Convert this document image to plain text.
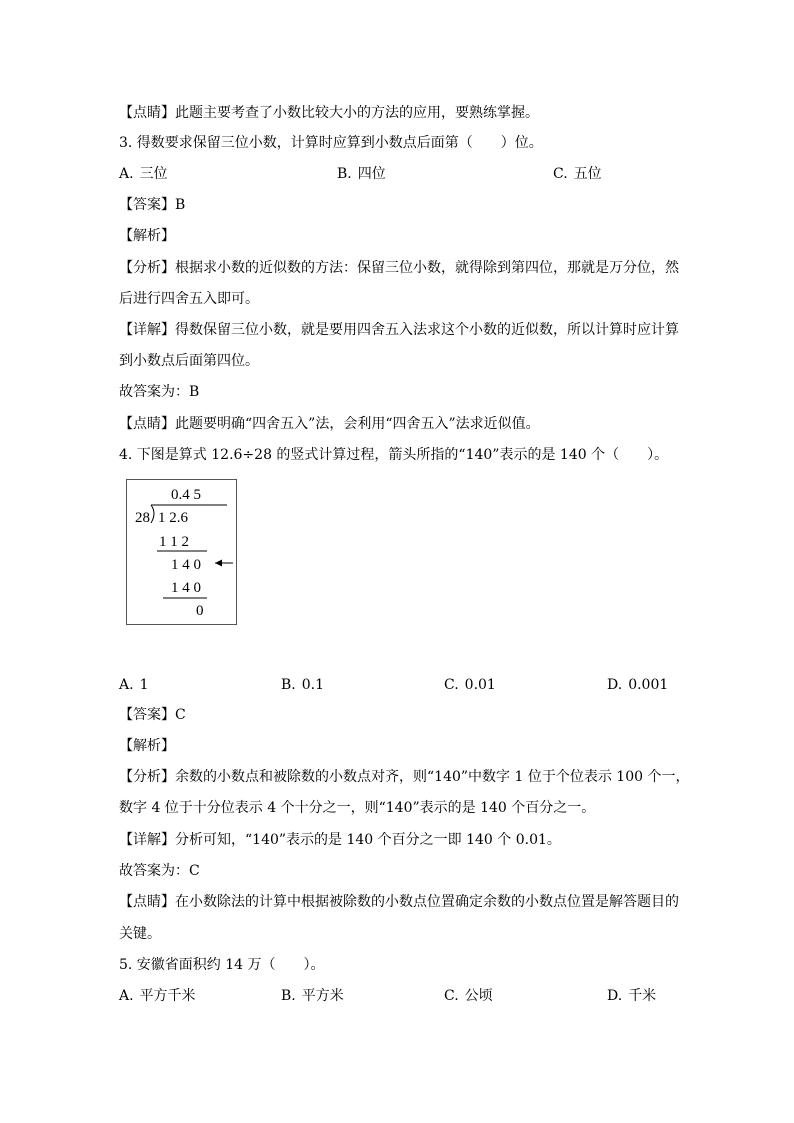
【点睛】此题主要考查了小数比较大小的方法的应用，要熟练掌握。
3. 得数要求保留三位小数，计算时应算到小数点后面第（　　）位。
A. 三位	B. 四位	C. 五位
【答案】B
【解析】
【分析】根据求小数的近似数的方法：保留三位小数，就得除到第四位，那就是万分位，然
后进行四舍五入即可。
【详解】得数保留三位小数，就是要用四舍五入法求这个小数的近似数，所以计算时应计算
到小数点后面第四位。
故答案为：B
【点睛】此题要明确“四舍五入”法，会利用“四舍五入”法求近似值。
4. 下图是算式 12.6÷28 的竖式计算过程，箭头所指的“140”表示的是 140 个（　　）。
0.4 5
28 1 2.6
1 1 2
1 4 0
1 4 0
0
A. 1	B. 0.1	C. 0.01	D. 0.001
【答案】C
【解析】
【分析】余数的小数点和被除数的小数点对齐，则“140”中数字 1 位于个位表示 100 个一，
数字 4 位于十分位表示 4 个十分之一，则“140”表示的是 140 个百分之一。
【详解】分析可知，“140”表示的是 140 个百分之一即 140 个 0.01。
故答案为：C
【点睛】在小数除法的计算中根据被除数的小数点位置确定余数的小数点位置是解答题目的
关键。
5. 安徽省面积约 14 万（　　）。
A. 平方千米	B. 平方米	C. 公顷	D. 千米
